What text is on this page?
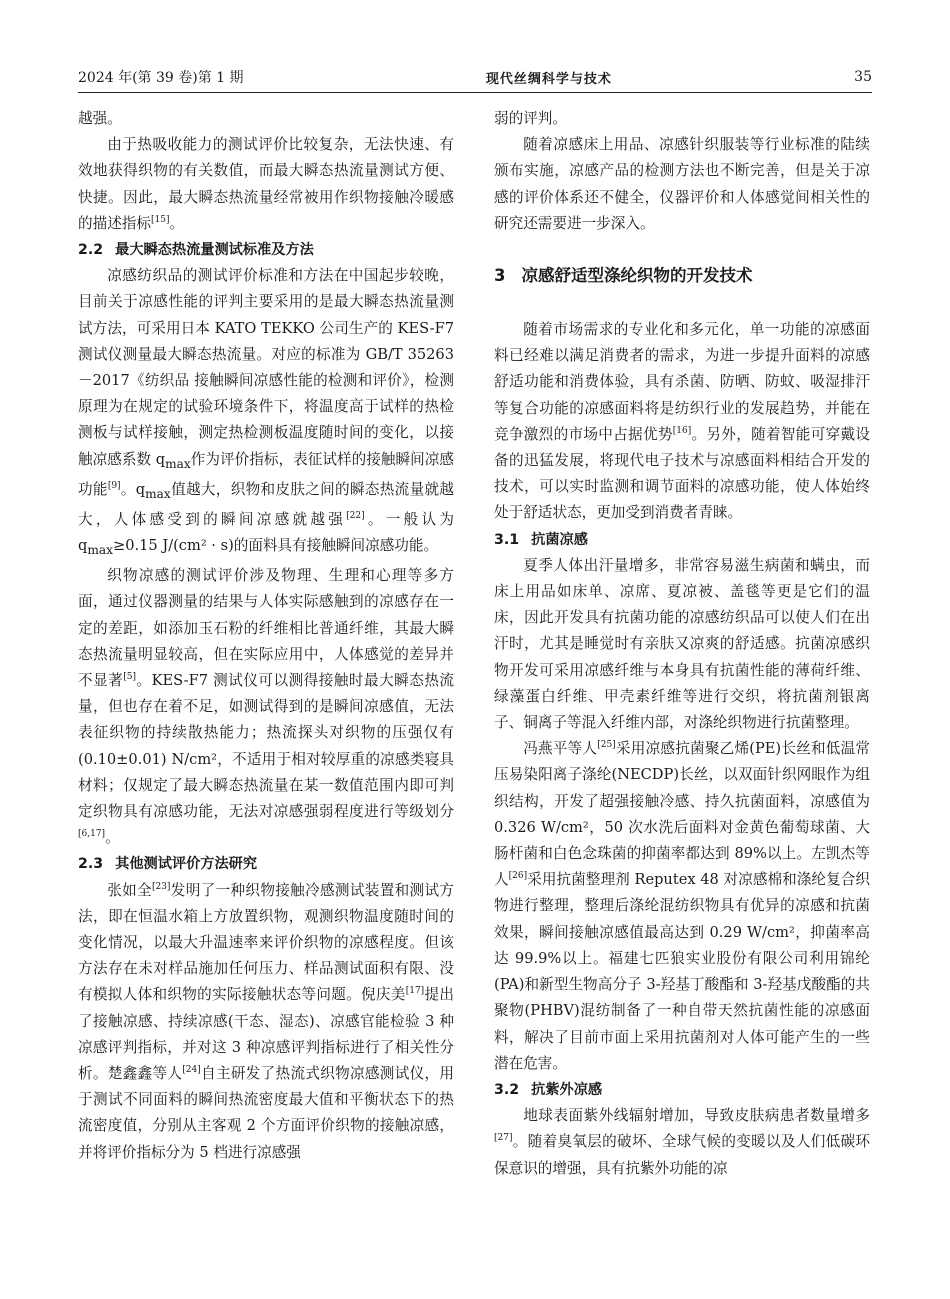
2024 年(第 39 卷)第 1 期	现代丝绸科学与技术	35

越强。

由于热吸收能力的测试评价比较复杂，无法快速、有效地获得织物的有关数值，而最大瞬态热流量测试方便、快捷。因此，最大瞬态热流量经常被用作织物接触冷暖感的描述指标[15]。

2.2 最大瞬态热流量测试标准及方法

凉感纺织品的测试评价标准和方法在中国起步较晚，目前关于凉感性能的评判主要采用的是最大瞬态热流量测试方法，可采用日本 KATO TEKKO 公司生产的 KES-F7 测试仪测量最大瞬态热流量。对应的标准为 GB/T 35263－2017《纺织品 接触瞬间凉感性能的检测和评价》，检测原理为在规定的试验环境条件下，将温度高于试样的热检测板与试样接触，测定热检测板温度随时间的变化，以接触凉感系数 $q_{max}$作为评价指标，表征试样的接触瞬间凉感功能[9]。$q_{max}$值越大，织物和皮肤之间的瞬态热流量就越大，人体感受到的瞬间凉感就越强[22]。一般认为 $q_{max}\ge 0.15$ J/(cm² · s)的面料具有接触瞬间凉感功能。

织物凉感的测试评价涉及物理、生理和心理等多方面，通过仪器测量的结果与人体实际感触到的凉感存在一定的差距，如添加玉石粉的纤维相比普通纤维，其最大瞬态热流量明显较高，但在实际应用中，人体感觉的差异并不显著[5]。KES-F7 测试仪可以测得接触时最大瞬态热流量，但也存在着不足，如测试得到的是瞬间凉感值，无法表征织物的持续散热能力；热流探头对织物的压强仅有(0.10±0.01) N/cm²，不适用于相对较厚重的凉感类寝具材料；仅规定了最大瞬态热流量在某一数值范围内即可判定织物具有凉感功能，无法对凉感强弱程度进行等级划分[6,17]。

2.3 其他测试评价方法研究

张如全[23]发明了一种织物接触冷感测试装置和测试方法，即在恒温水箱上方放置织物，观测织物温度随时间的变化情况，以最大升温速率来评价织物的凉感程度。但该方法存在未对样品施加任何压力、样品测试面积有限、没有模拟人体和织物的实际接触状态等问题。倪庆美[17]提出了接触凉感、持续凉感(干态、湿态)、凉感官能检验 3 种凉感评判指标，并对这 3 种凉感评判指标进行了相关性分析。楚鑫鑫等人[24]自主研发了热流式织物凉感测试仪，用于测试不同面料的瞬间热流密度最大值和平衡状态下的热流密度值，分别从主客观 2 个方面评价织物的接触凉感，并将评价指标分为 5 档进行凉感强

弱的评判。

随着凉感床上用品、凉感针织服装等行业标准的陆续颁布实施，凉感产品的检测方法也不断完善，但是关于凉感的评价体系还不健全，仪器评价和人体感觉间相关性的研究还需要进一步深入。

3 凉感舒适型涤纶织物的开发技术

随着市场需求的专业化和多元化，单一功能的凉感面料已经难以满足消费者的需求，为进一步提升面料的凉感舒适功能和消费体验，具有杀菌、防晒、防蚊、吸湿排汗等复合功能的凉感面料将是纺织行业的发展趋势，并能在竞争激烈的市场中占据优势[16]。另外，随着智能可穿戴设备的迅猛发展，将现代电子技术与凉感面料相结合开发的技术，可以实时监测和调节面料的凉感功能，使人体始终处于舒适状态，更加受到消费者青睐。

3.1 抗菌凉感

夏季人体出汗量增多，非常容易滋生病菌和螨虫，而床上用品如床单、凉席、夏凉被、盖毯等更是它们的温床，因此开发具有抗菌功能的凉感纺织品可以使人们在出汗时，尤其是睡觉时有亲肤又凉爽的舒适感。抗菌凉感织物开发可采用凉感纤维与本身具有抗菌性能的薄荷纤维、绿藻蛋白纤维、甲壳素纤维等进行交织，将抗菌剂银离子、铜离子等混入纤维内部，对涤纶织物进行抗菌整理。

冯燕平等人[25]采用凉感抗菌聚乙烯(PE)长丝和低温常压易染阳离子涤纶(NECDP)长丝，以双面针织网眼作为组织结构，开发了超强接触冷感、持久抗菌面料，凉感值为 0.326 W/cm²，50 次水洗后面料对金黄色葡萄球菌、大肠杆菌和白色念珠菌的抑菌率都达到 89%以上。左凯杰等人[26]采用抗菌整理剂 Reputex 48 对凉感棉和涤纶复合织物进行整理，整理后涤纶混纺织物具有优异的凉感和抗菌效果，瞬间接触凉感值最高达到 0.29 W/cm²，抑菌率高达 99.9%以上。福建七匹狼实业股份有限公司利用锦纶(PA)和新型生物高分子 3-羟基丁酸酯和 3-羟基戊酸酯的共聚物(PHBV)混纺制备了一种自带天然抗菌性能的凉感面料，解决了目前市面上采用抗菌剂对人体可能产生的一些潜在危害。

3.2 抗紫外凉感

地球表面紫外线辐射增加，导致皮肤病患者数量增多[27]。随着臭氧层的破坏、全球气候的变暖以及人们低碳环保意识的增强，具有抗紫外功能的凉
